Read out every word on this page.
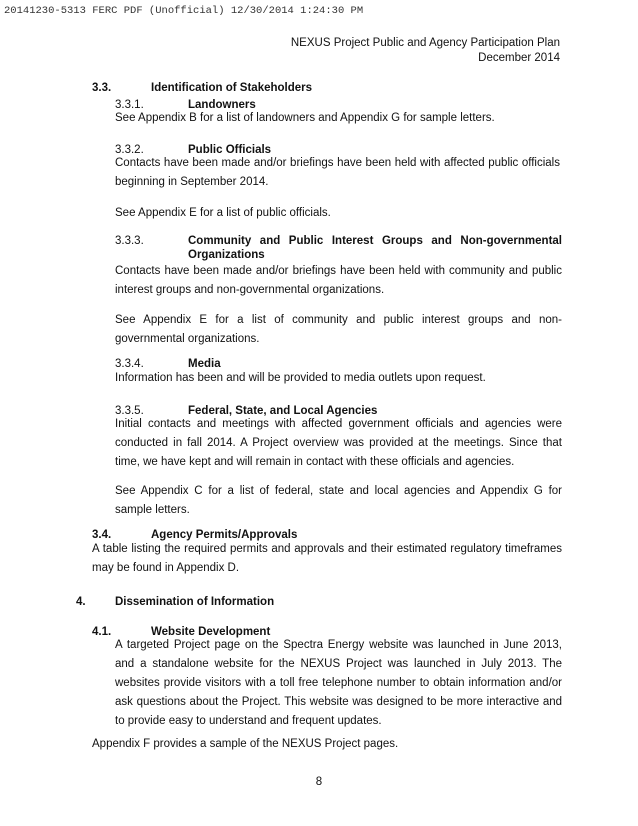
20141230-5313 FERC PDF (Unofficial) 12/30/2014 1:24:30 PM
NEXUS Project Public and Agency Participation Plan
December 2014
3.3.	Identification of Stakeholders
3.3.1.	Landowners
See Appendix B for a list of landowners and Appendix G for sample letters.
3.3.2.	Public Officials
Contacts have been made and/or briefings have been held with affected public officials beginning in September 2014.
See Appendix E for a list of public officials.
3.3.3.	Community and Public Interest Groups and Non-governmental Organizations
Contacts have been made and/or briefings have been held with community and public interest groups and non-governmental organizations.
See Appendix E for a list of community and public interest groups and non-governmental organizations.
3.3.4.	Media
Information has been and will be provided to media outlets upon request.
3.3.5.	Federal, State, and Local Agencies
Initial contacts and meetings with affected government officials and agencies were conducted in fall 2014. A Project overview was provided at the meetings. Since that time, we have kept and will remain in contact with these officials and agencies.
See Appendix C for a list of federal, state and local agencies and Appendix G for sample letters.
3.4.	Agency Permits/Approvals
A table listing the required permits and approvals and their estimated regulatory timeframes may be found in Appendix D.
4.	Dissemination of Information
4.1.	Website Development
A targeted Project page on the Spectra Energy website was launched in June 2013, and a standalone website for the NEXUS Project was launched in July 2013. The websites provide visitors with a toll free telephone number to obtain information and/or ask questions about the Project. This website was designed to be more interactive and to provide easy to understand and frequent updates.
Appendix F provides a sample of the NEXUS Project pages.
8
